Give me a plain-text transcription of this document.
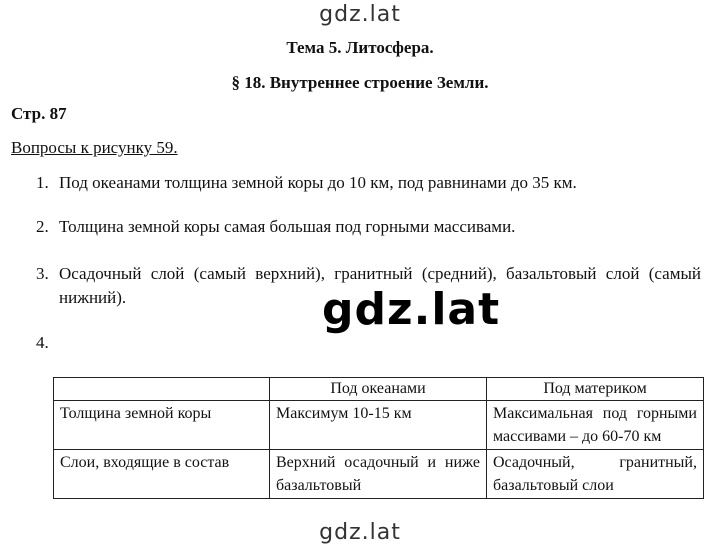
gdz.lat
Тема 5. Литосфера.
§ 18. Внутреннее строение Земли.
Стр. 87
Вопросы к рисунку 59.
1. Под океанами толщина земной коры до 10 км, под равнинами до 35 км.
2. Толщина земной коры самая большая под горными массивами.
3. Осадочный слой (самый верхний), гранитный (средний), базальтовый слой (самый нижний).
4.
gdz.lat
	Под океанами	Под материком
Толщина земной коры	Максимум 10-15 км	Максимальная под горными массивами – до 60-70 км
Слои, входящие в состав	Верхний осадочный и ниже базальтовый	Осадочный, гранитный, базальтовый слои
gdz.lat
